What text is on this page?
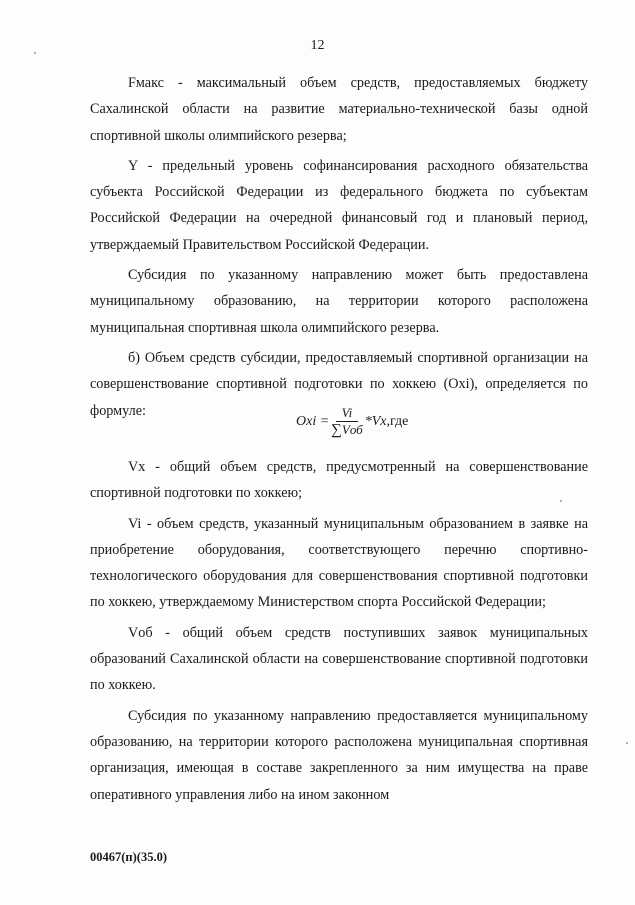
12

Fмакс - максимальный объем средств, предоставляемых бюджету Сахалинской области на развитие материально-технической базы одной спортивной школы олимпийского резерва;

Y - предельный уровень софинансирования расходного обязательства субъекта Российской Федерации из федерального бюджета по субъектам Российской Федерации на очередной финансовый год и плановый период, утверждаемый Правительством Российской Федерации.

Субсидия по указанному направлению может быть предоставлена муниципальному образованию, на территории которого расположена муниципальная спортивная школа олимпийского резерва.

б) Объем средств субсидии, предоставляемый спортивной организации на совершенствование спортивной подготовки по хоккею (Oxi), определяется по формуле:

Oxi = $\frac{Vi}{\text{∑Vоб}} *Vx$, где

Vx - общий объем средств, предусмотренный на совершенствование спортивной подготовки по хоккею;

Vi - объем средств, указанный муниципальным образованием в заявке на приобретение оборудования, соответствующего перечню спортивно-технологического оборудования для совершенствования спортивной подготовки по хоккею, утверждаемому Министерством спорта Российской Федерации;

Vоб - общий объем средств поступивших заявок муниципальных образований Сахалинской области на совершенствование спортивной подготовки по хоккею.

Субсидия по указанному направлению предоставляется муниципальному образованию, на территории которого расположена муниципальная спортивная организация, имеющая в составе закрепленного за ним имущества на праве оперативного управления либо на ином законном

00467(п)(35.0)
